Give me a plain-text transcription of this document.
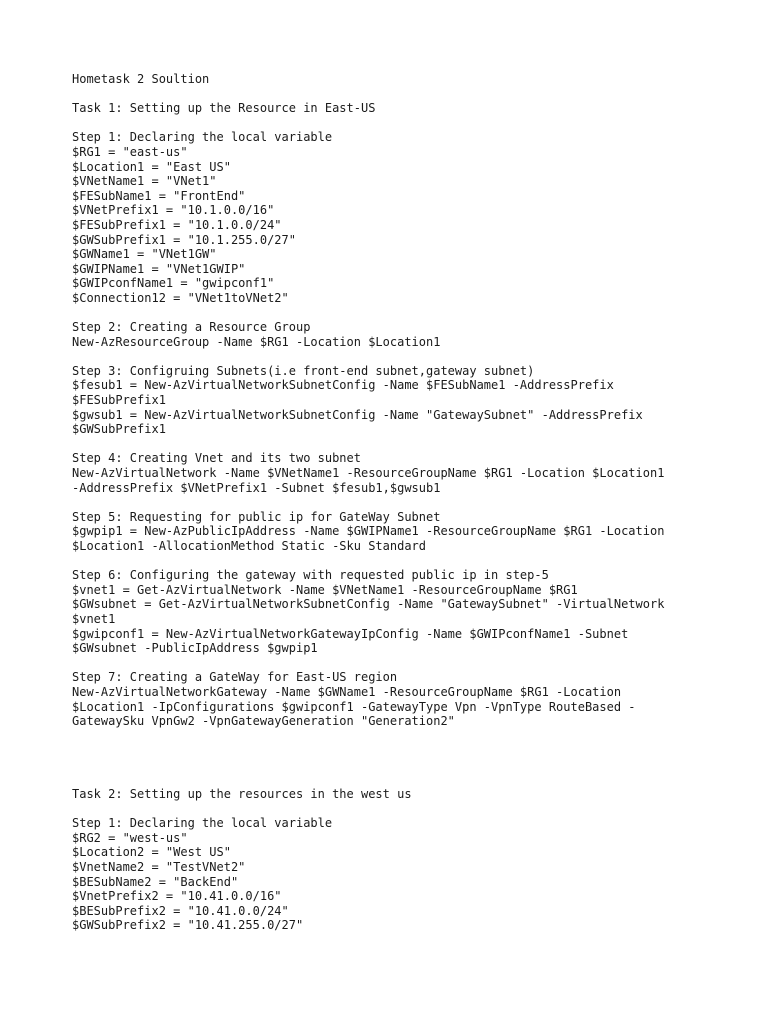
Hometask 2 Soultion
Task 1: Setting up the Resource in East-US
Step 1: Declaring the local variable
$RG1 = "east-us"
$Location1 = "East US"
$VNetName1 = "VNet1"
$FESubName1 = "FrontEnd"
$VNetPrefix1 = "10.1.0.0/16"
$FESubPrefix1 = "10.1.0.0/24"
$GWSubPrefix1 = "10.1.255.0/27"
$GWName1 = "VNet1GW"
$GWIPName1 = "VNet1GWIP"
$GWIPconfName1 = "gwipconf1"
$Connection12 = "VNet1toVNet2"
Step 2: Creating a Resource Group
New-AzResourceGroup -Name $RG1 -Location $Location1
Step 3: Configruing Subnets(i.e front-end subnet,gateway subnet)
$fesub1 = New-AzVirtualNetworkSubnetConfig -Name $FESubName1 -AddressPrefix
$FESubPrefix1
$gwsub1 = New-AzVirtualNetworkSubnetConfig -Name "GatewaySubnet" -AddressPrefix
$GWSubPrefix1
Step 4: Creating Vnet and its two subnet
New-AzVirtualNetwork -Name $VNetName1 -ResourceGroupName $RG1 -Location $Location1
-AddressPrefix $VNetPrefix1 -Subnet $fesub1,$gwsub1
Step 5: Requesting for public ip for GateWay Subnet
$gwpip1 = New-AzPublicIpAddress -Name $GWIPName1 -ResourceGroupName $RG1 -Location
$Location1 -AllocationMethod Static -Sku Standard
Step 6: Configuring the gateway with requested public ip in step-5
$vnet1 = Get-AzVirtualNetwork -Name $VNetName1 -ResourceGroupName $RG1
$GWsubnet = Get-AzVirtualNetworkSubnetConfig -Name "GatewaySubnet" -VirtualNetwork
$vnet1
$gwipconf1 = New-AzVirtualNetworkGatewayIpConfig -Name $GWIPconfName1 -Subnet
$GWsubnet -PublicIpAddress $gwpip1
Step 7: Creating a GateWay for East-US region
New-AzVirtualNetworkGateway -Name $GWName1 -ResourceGroupName $RG1 -Location
$Location1 -IpConfigurations $gwipconf1 -GatewayType Vpn -VpnType RouteBased -
GatewaySku VpnGw2 -VpnGatewayGeneration "Generation2"
Task 2: Setting up the resources in the west us
Step 1: Declaring the local variable
$RG2 = "west-us"
$Location2 = "West US"
$VnetName2 = "TestVNet2"
$BESubName2 = "BackEnd"
$VnetPrefix2 = "10.41.0.0/16"
$BESubPrefix2 = "10.41.0.0/24"
$GWSubPrefix2 = "10.41.255.0/27"
